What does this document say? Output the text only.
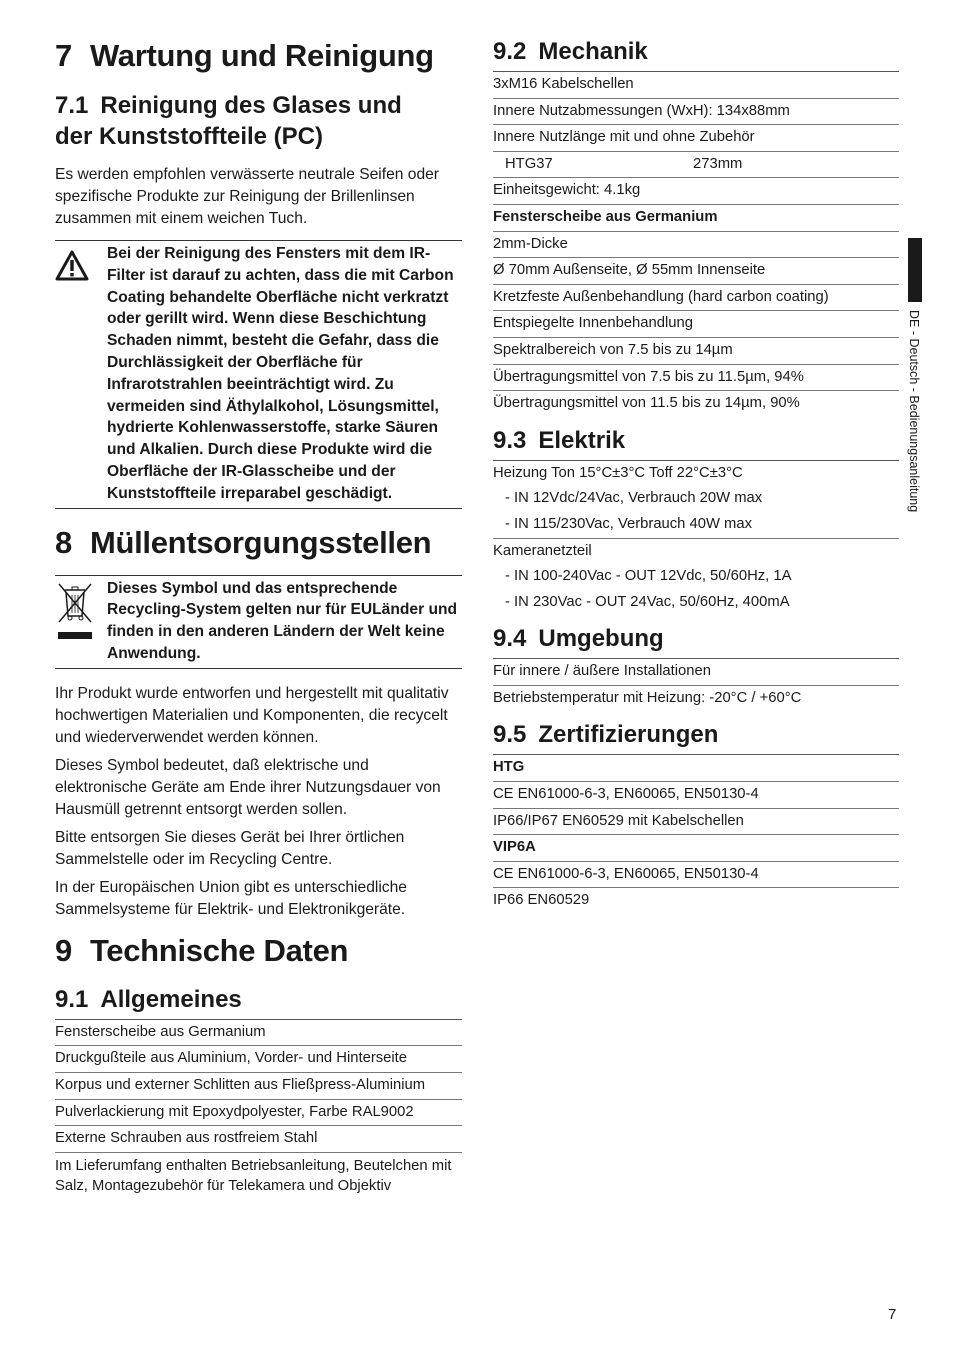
7 Wartung und Reinigung
7.1 Reinigung des Glases und
der Kunststoffteile (PC)

Es werden empfohlen verwässerte neutrale Seifen oder spezifische Produkte zur Reinigung der Brillenlinsen zusammen mit einem weichen Tuch.

Bei der Reinigung des Fensters mit dem IR-Filter ist darauf zu achten, dass die mit Carbon Coating behandelte Oberfläche nicht verkratzt oder gerillt wird. Wenn diese Beschichtung Schaden nimmt, besteht die Gefahr, dass die Durchlässigkeit der Oberfläche für Infrarotstrahlen beeinträchtigt wird. Zu vermeiden sind Äthylalkohol, Lösungsmittel, hydrierte Kohlenwasserstoffe, starke Säuren und Alkalien. Durch diese Produkte wird die Oberfläche der IR-Glasscheibe und der Kunststoffteile irreparabel geschädigt.
8 Müllentsorgungsstellen
Dieses Symbol und das entsprechende Recycling-System gelten nur für EULänder und finden in den anderen Ländern der Welt keine Anwendung.

Ihr Produkt wurde entworfen und hergestellt mit qualitativ hochwertigen Materialien und Komponenten, die recycelt und wiederverwendet werden können.

Dieses Symbol bedeutet, daß elektrische und elektronische Geräte am Ende ihrer Nutzungsdauer von Hausmüll getrennt entsorgt werden sollen.

Bitte entsorgen Sie dieses Gerät bei Ihrer örtlichen Sammelstelle oder im Recycling Centre.

In der Europäischen Union gibt es unterschiedliche Sammelsysteme für Elektrik- und Elektronikgeräte.

9 Technische Daten
9.1 Allgemeines
Fensterscheibe aus Germanium
Druckgußteile aus Aluminium, Vorder- und Hinterseite
Korpus und externer Schlitten aus Fließpress-Aluminium
Pulverlackierung mit Epoxydpolyester, Farbe RAL9002
Externe Schrauben aus rostfreiem Stahl
Im Lieferumfang enthalten Betriebsanleitung, Beutelchen mit Salz, Montagezubehör für Telekamera und Objektiv
9.2 Mechanik
3xM16 Kabelschellen
Innere Nutzabmessungen (WxH): 134x88mm
Innere Nutzlänge mit und ohne Zubehör
HTG37	273mm
Einheitsgewicht: 4.1kg
Fensterscheibe aus Germanium
2mm-Dicke
Ø 70mm Außenseite, Ø 55mm Innenseite
Kretzfeste Außenbehandlung (hard carbon coating)
Entspiegelte Innenbehandlung
Spektralbereich von 7.5 bis zu 14µm
Übertragungsmittel von 7.5 bis zu 11.5µm, 94%
Übertragungsmittel von 11.5 bis zu 14µm, 90%
9.3 Elektrik
Heizung Ton 15°C±3°C Toff 22°C±3°C
- IN 12Vdc/24Vac, Verbrauch 20W max
- IN 115/230Vac, Verbrauch 40W max
Kameranetzteil
- IN 100-240Vac - OUT 12Vdc, 50/60Hz, 1A
- IN 230Vac - OUT 24Vac, 50/60Hz, 400mA
9.4 Umgebung
Für innere / äußere Installationen
Betriebstemperatur mit Heizung: -20°C / +60°C
9.5 Zertifizierungen
HTG
CE EN61000-6-3, EN60065, EN50130-4
IP66/IP67 EN60529 mit Kabelschellen
VIP6A
CE EN61000-6-3, EN60065, EN50130-4
IP66 EN60529
DE - Deutsch - Bedienungsanleitung
7
